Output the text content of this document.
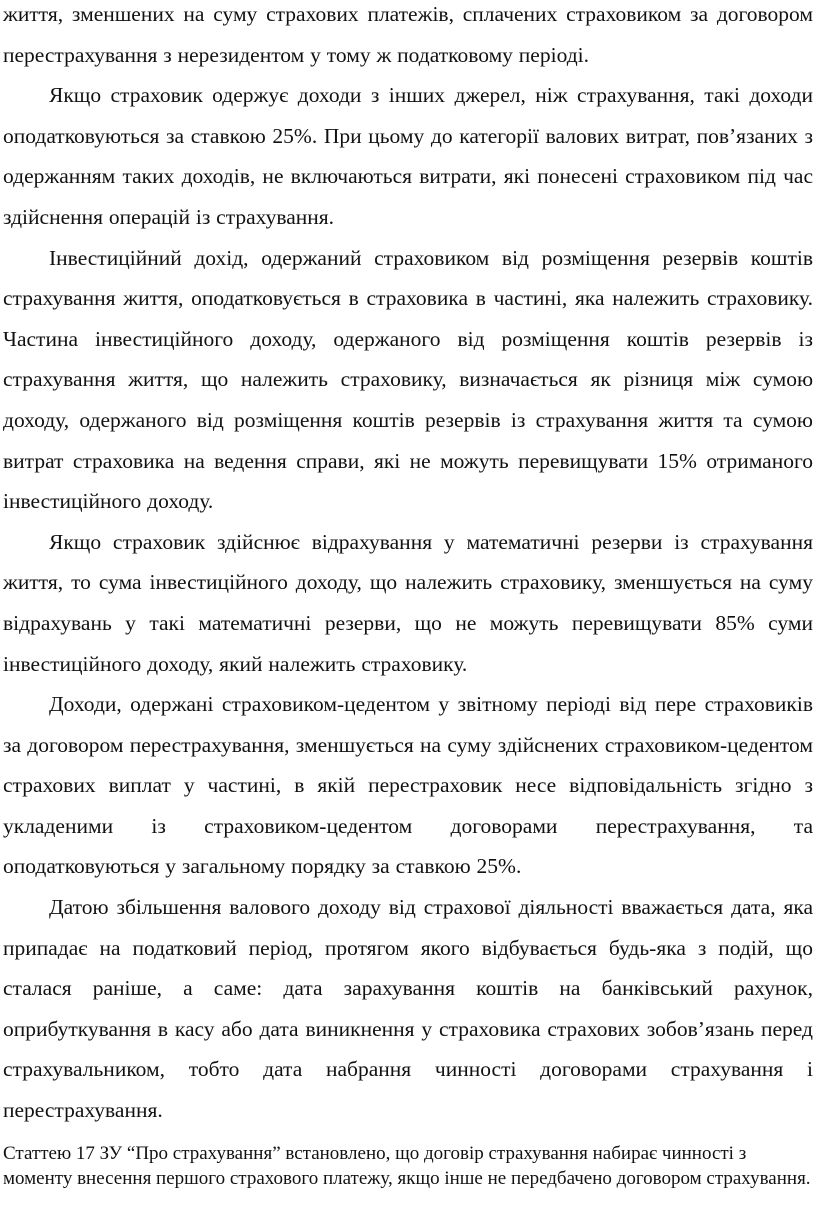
життя, зменшених на суму страхових платежів, сплачених страховиком за договором перестрахування з нерезидентом у тому ж податковому періоді.

Якщо страховик одержує доходи з інших джерел, ніж страхування, такі доходи оподатковуються за ставкою 25%. При цьому до категорії валових витрат, пов’язаних з одержанням таких доходів, не включаються витрати, які понесені страховиком під час здійснення операцій із страхування.

Інвестиційний дохід, одержаний страховиком від розміщення резервів коштів страхування життя, оподатковується в страховика в частині, яка належить страховику. Частина інвестиційного доходу, одержаного від розміщення коштів резервів із страхування життя, що належить страховику, визначається як різниця між сумою доходу, одержаного від розміщення коштів резервів із страхування життя та сумою витрат страховика на ведення справи, які не можуть перевищувати 15% отриманого інвестиційного доходу.

Якщо страховик здійснює відрахування у математичні резерви із страхування життя, то сума інвестиційного доходу, що належить страховику, зменшується на суму відрахувань у такі математичні резерви, що не можуть перевищувати 85% суми інвестиційного доходу, який належить страховику.

Доходи, одержані страховиком-цедентом у звітному періоді від пере страховиків за договором перестрахування, зменшується на суму здійснених страховиком-цедентом страхових виплат у частині, в якій перестраховик несе відповідальність згідно з укладеними із страховиком-цедентом договорами перестрахування, та оподатковуються у загальному порядку за ставкою 25%.

Датою збільшення валового доходу від страхової діяльності вважається дата, яка припадає на податковий період, протягом якого відбувається будь-яка з подій, що сталася раніше, а саме: дата зарахування коштів на банківський рахунок, оприбуткування в касу або дата виникнення у страховика страхових зобов’язань перед страхувальником, тобто дата набрання чинності договорами страхування і перестрахування.

Статтею 17 ЗУ “Про страхування” встановлено, що договір страхування набирає чинності з моменту внесення першого страхового платежу, якщо інше не передбачено договором страхування.
